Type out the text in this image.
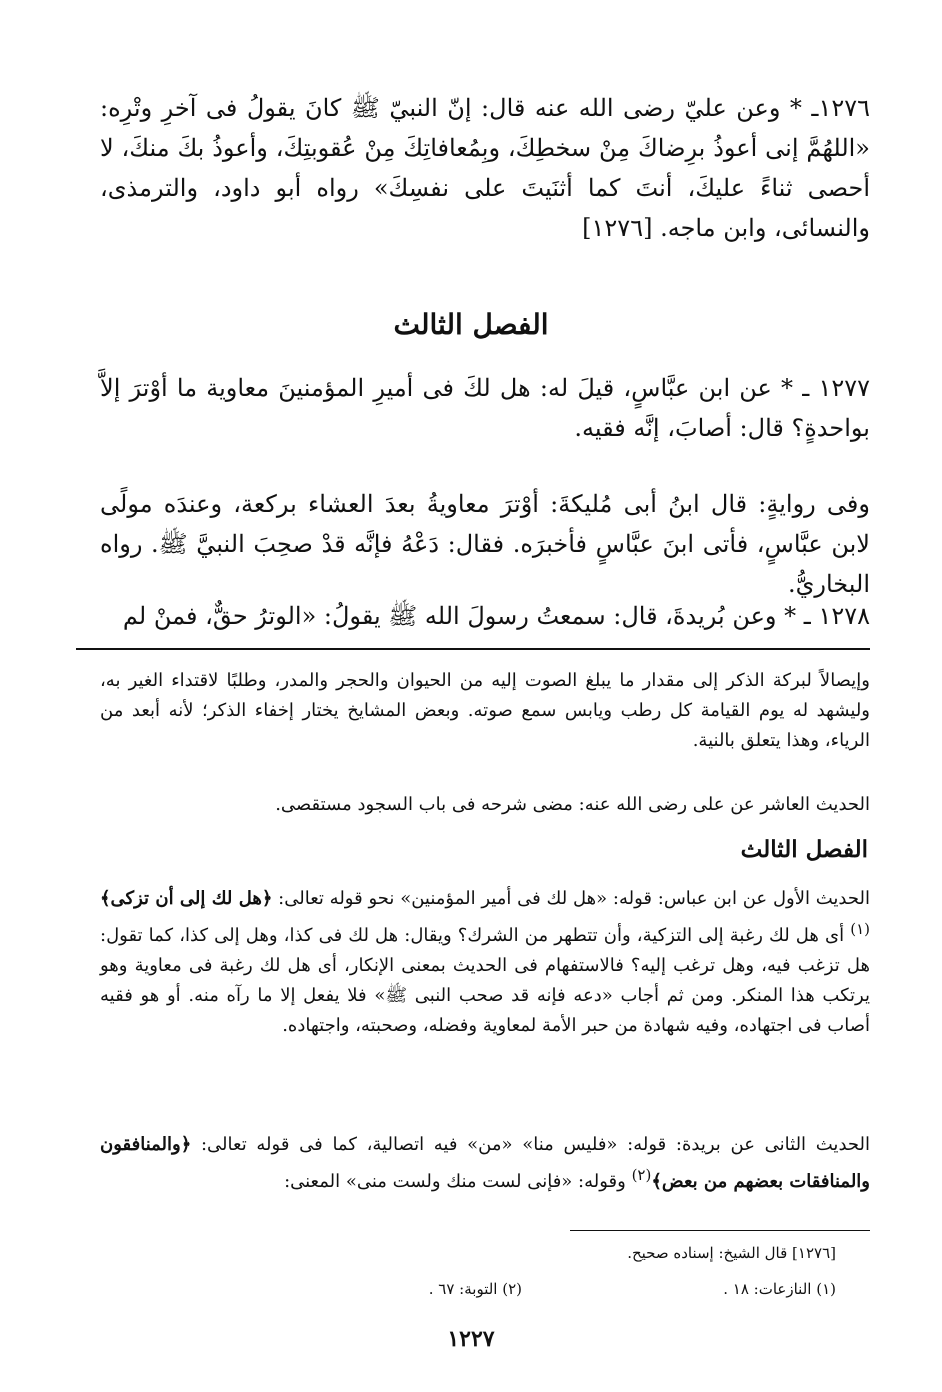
١٢٧٦ـ * وعن عليّ رضى الله عنه قال: إنّ النبيّ ﷺ كانَ يقولُ فى آخرِ وتْرِه: «اللهُمَّ إنى أعوذُ برِضاكَ مِنْ سخطِكَ، وبِمُعافاتِكَ مِنْ عُقوبتِكَ، وأعوذُ بكَ منكَ، لا أحصى ثناءً عليكَ، أنتَ كما أثنَيتَ على نفسِكَ» رواه أبو داود، والترمذى، والنسائى، وابن ماجه. [١٢٧٦]

الفصل الثالث

١٢٧٧ ـ * عن ابن عبَّاسٍ، قيلَ له: هل لكَ فى أميرِ المؤمنينَ معاوية ما أوْترَ إلاَّ بواحدةٍ؟ قال: أصابَ، إنَّه فقيه.

وفى روايةٍ: قال ابنُ أبى مُليكةَ: أوْترَ معاويةُ بعدَ العشاء بركعة، وعندَه مولًى لابن عبَّاسٍ، فأتى ابنَ عبَّاسٍ فأخبرَه. فقال: دَعْهُ فإنَّه قدْ صحِبَ النبيَّ ﷺ. رواه البخاريُّ.

١٢٧٨ ـ * وعن بُريدةَ، قال: سمعتُ رسولَ الله ﷺ يقولُ: «الوترُ حقٌّ، فمنْ لم

وإيصالاً لبركة الذكر إلى مقدار ما يبلغ الصوت إليه من الحيوان والحجر والمدر، وطلبًا لاقتداء الغير به، وليشهد له يوم القيامة كل رطب ويابس سمع صوته. وبعض المشايخ يختار إخفاء الذكر؛ لأنه أبعد من الرياء، وهذا يتعلق بالنية.

الحديث العاشر عن على رضى الله عنه: مضى شرحه فى باب السجود مستقصى.

الفصل الثالث

الحديث الأول عن ابن عباس: قوله: «هل لك فى أمير المؤمنين» نحو قوله تعالى: ﴿هل لك إلى أن تزكى﴾$^{(١)}$ أى هل لك رغبة إلى التزكية، وأن تتطهر من الشرك؟ ويقال: هل لك فى كذا، وهل إلى كذا، كما تقول: هل تزغب فيه، وهل ترغب إليه؟ فالاستفهام فى الحديث بمعنى الإنكار، أى هل لك رغبة فى معاوية وهو يرتكب هذا المنكر. ومن ثم أجاب «دعه فإنه قد صحب النبى ﷺ» فلا يفعل إلا ما رآه منه. أو هو فقيه أصاب فى اجتهاده، وفيه شهادة من حبر الأمة لمعاوية وفضله، وصحبته، واجتهاده.

الحديث الثانى عن بريدة: قوله: «فليس منا» «من» فيه اتصالية، كما فى قوله تعالى: ﴿والمنافقون والمنافقات بعضهم من بعض﴾$^{(٢)}$ وقوله: «فإنى لست منك ولست منى» المعنى:

[١٢٧٦] قال الشيخ: إسناده صحيح.

(١) النازعات: ١٨ .

(٢) التوبة: ٦٧ .

١٢٢٧
